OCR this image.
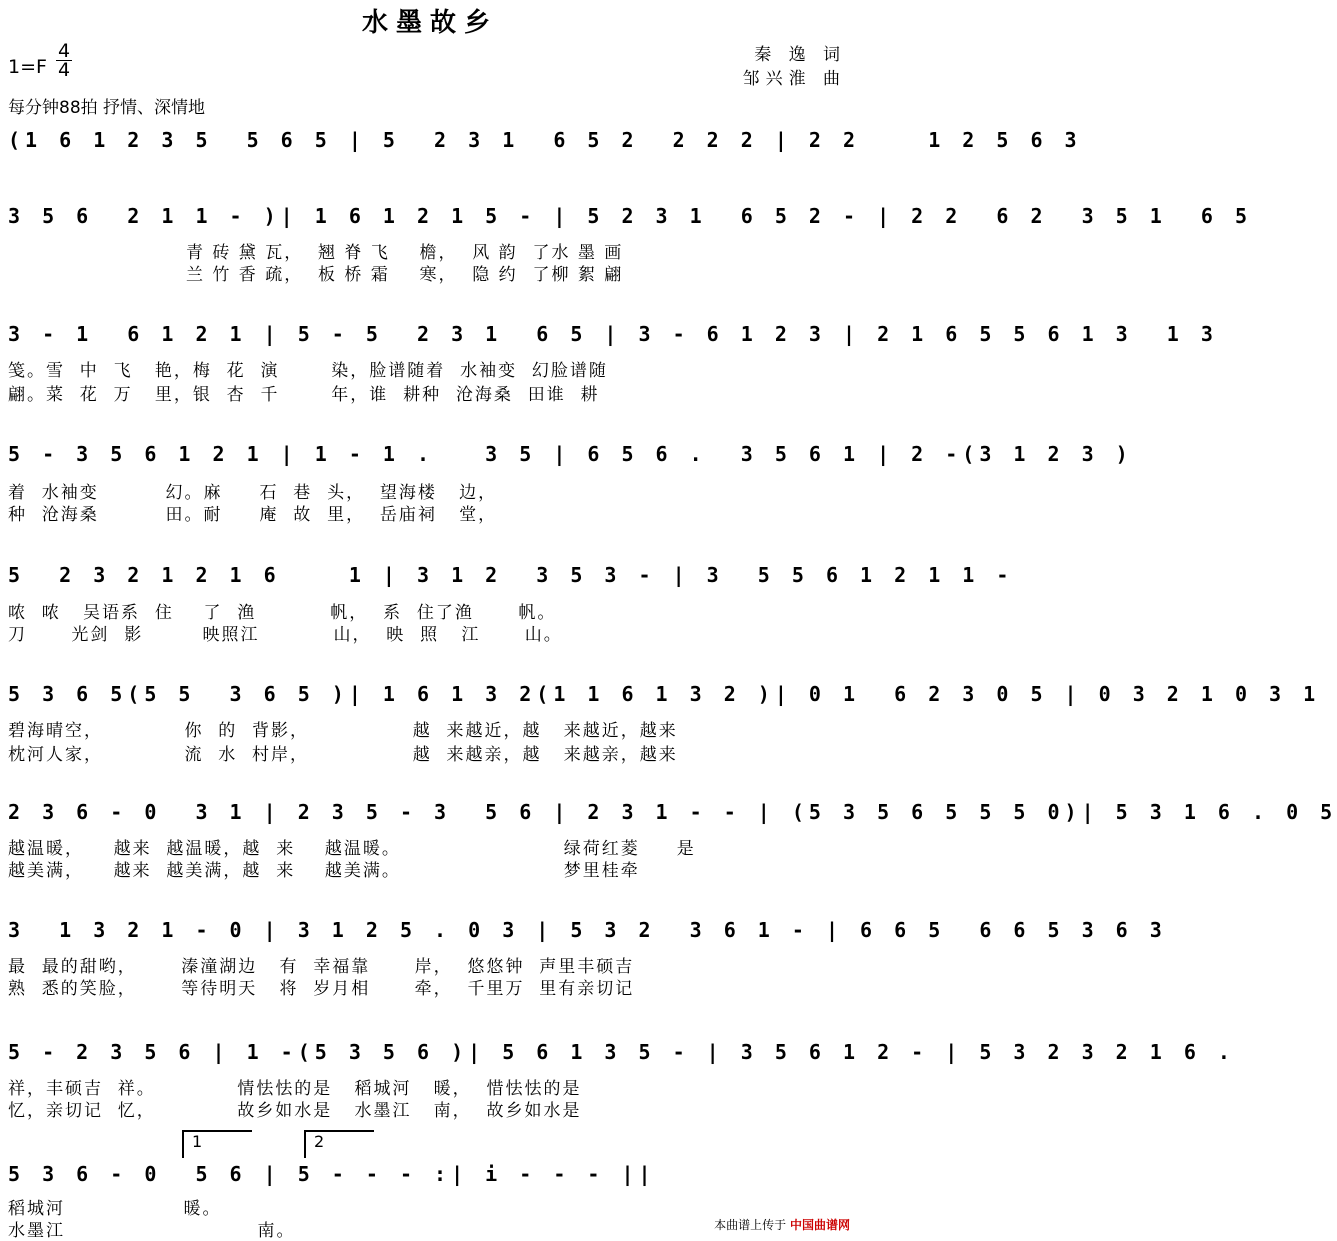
水墨故乡
1=F
4
4
每分钟88拍 抒情、深情地
秦 逸 词
邹兴淮 曲
(1 6 1 2 3 5  5 6 5 | 5  2 3 1  6 5 2  2 2 2 | 2 2    1 2 5 6 3
3 5 6  2 1 1 - )| 1 6 1 2 1 5 - | 5 2 3 1  6 5 2 - | 2 2  6 2  3 5 1  6 5
青 砖 黛 瓦，  翘 脊 飞    檐，  风 韵  了水 墨 画
兰 竹 香 疏，  板 桥 霜    寒，  隐 约  了柳 絮 翩
3 - 1  6 1 2 1 | 5 - 5  2 3 1  6 5 | 3 - 6 1 2 3 | 2 1 6 5 5 6 1 3  1 3
笺。雪  中  飞   艳，梅  花  演       染，脸谱随着  水袖变  幻脸谱随
翩。菜  花  万   里，银  杏  千       年，谁  耕种  沧海桑  田谁  耕
5 - 3 5 6 1 2 1 | 1 - 1 .   3 5 | 6 5 6 .  3 5 6 1 | 2 -(3 1 2 3 )
着  水袖变         幻。麻     石  巷  头，  望海楼   边，
种  沧海桑         田。耐     庵  故  里，  岳庙祠   堂，
5  2 3 2 1 2 1 6    1 | 3 1 2  3 5 3 - | 3  5 5 6 1 2 1 1 -
哝  哝   吴语系  住    了  渔          帆，  系  住了渔      帆。
刀      光剑  影        映照江          山，  映  照   江      山。
5 3 6 5(5 5  3 6 5 )| 1 6 1 3 2(1 1 6 1 3 2 )| 0 1  6 2 3 0 5 | 0 3 2 1 0 3 1
碧海晴空，           你  的  背影，              越  来越近，越   来越近，越来
枕河人家，           流  水  村岸，              越  来越亲，越   来越亲，越来
2 3 6 - 0  3 1 | 2 3 5 - 3  5 6 | 2 3 1 - - | (5 3 5 6 5 5 5 0)| 5 3 1 6 . 0 5
越温暖，    越来  越温暖，越  来    越温暖。                      绿荷红菱     是
越美满，    越来  越美满，越  来    越美满。                      梦里桂牵
3  1 3 2 1 - 0 | 3 1 2 5 . 0 3 | 5 3 2  3 6 1 - | 6 6 5  6 6 5 3 6 3
最  最的甜哟，      溱潼湖边   有  幸福靠      岸，  悠悠钟  声里丰硕吉
熟  悉的笑脸，      等待明天   将  岁月相      牵，  千里万  里有亲切记
5 - 2 3 5 6 | 1 -(5 3 5 6 )| 5 6 1 3 5 - | 3 5 6 1 2 - | 5 3 2 3 2 1 6 .
祥，丰硕吉  祥。           情怯怯的是   稻城河   暖，  惜怯怯的是
忆，亲切记  忆，           故乡如水是   水墨江   南，  故乡如水是
1	2
5 3 6 - 0  5 6 | 5 - - - :| i - - - ||
稻城河                暖。
水墨江                          南。	本曲谱上传于 中国曲谱网
